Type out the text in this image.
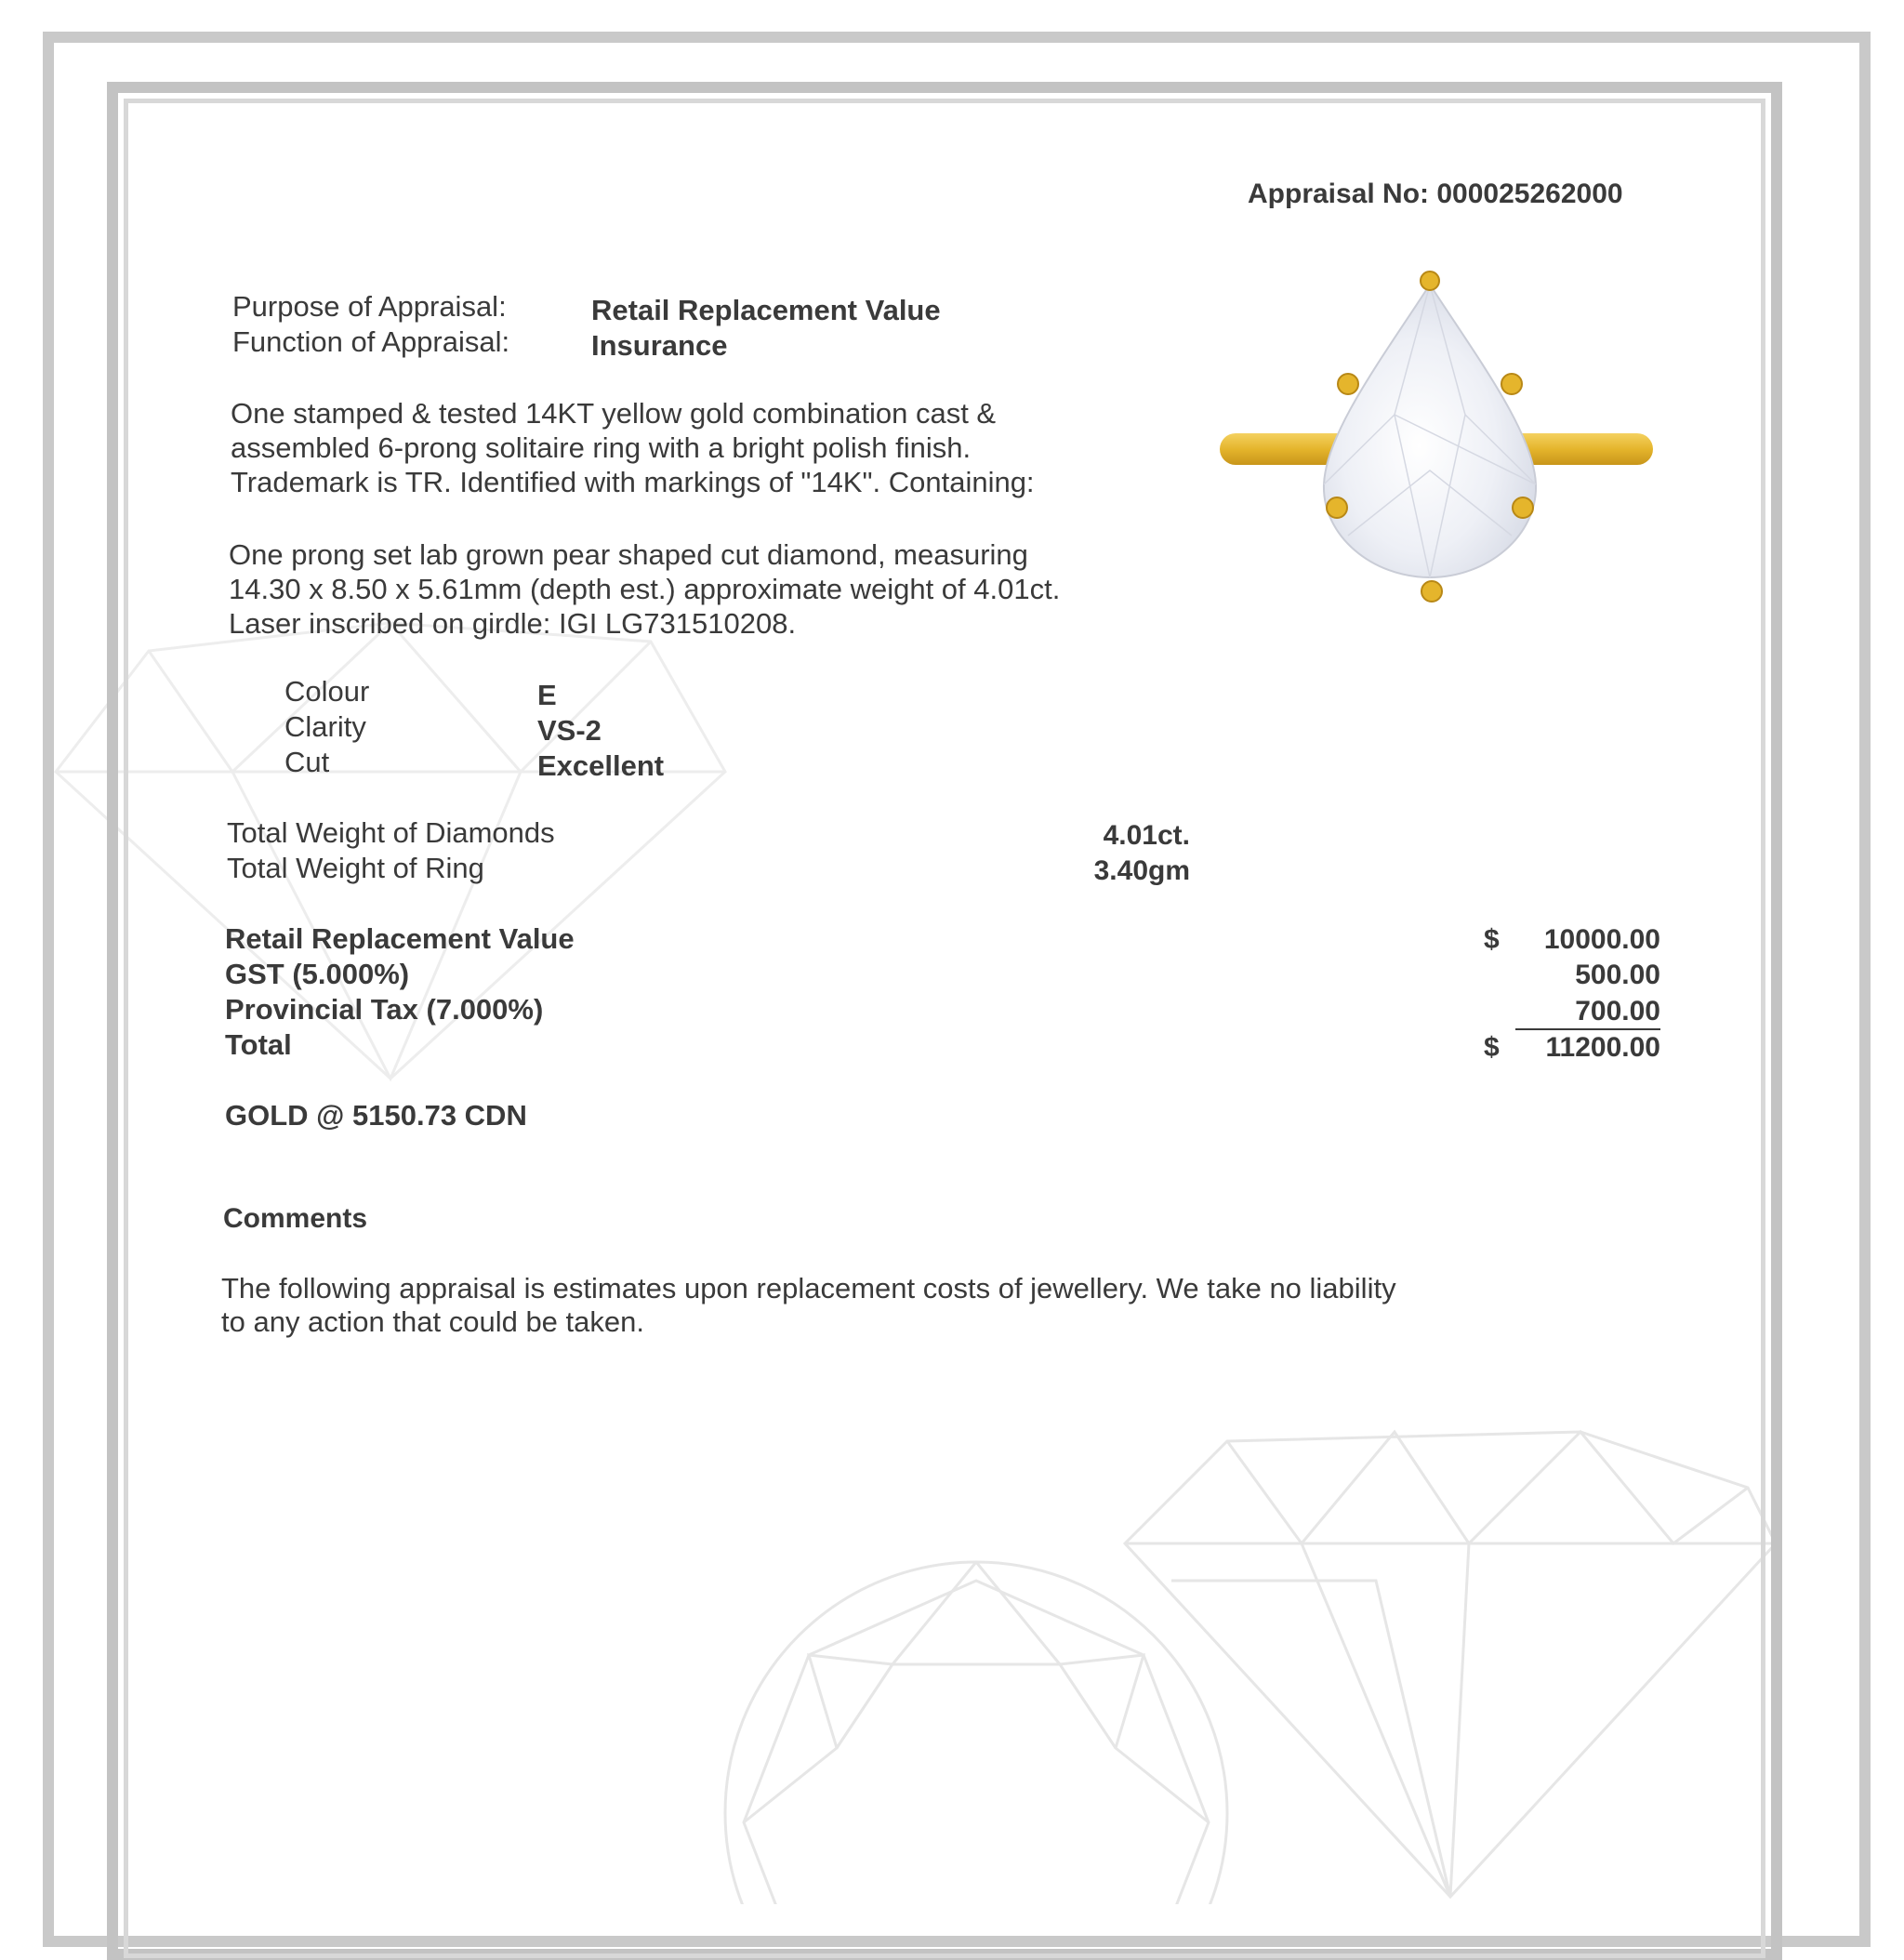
Appraisal No: 000025262000
Purpose of Appraisal:	Retail Replacement Value
Function of Appraisal:	Insurance
One stamped & tested 14KT yellow gold combination cast &
assembled 6-prong solitaire ring with a bright polish finish.
Trademark is TR. Identified with markings of "14K". Containing:
One prong set lab grown pear shaped cut diamond, measuring
14.30 x 8.50 x 5.61mm (depth est.) approximate weight of 4.01ct.
Laser inscribed on girdle: IGI LG731510208.
Colour	E
Clarity	VS-2
Cut	Excellent
Total Weight of Diamonds	4.01ct.
Total Weight of Ring	3.40gm
Retail Replacement Value	$	10000.00
GST (5.000%)	500.00
Provincial Tax (7.000%)	700.00
Total	$	11200.00
GOLD @ 5150.73 CDN
Comments
The following appraisal is estimates upon replacement costs of jewellery. We take no liability
to any action that could be taken.
